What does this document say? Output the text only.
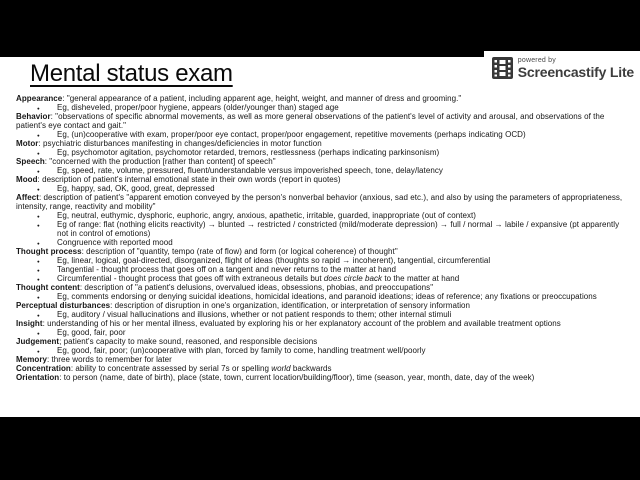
powered by
Screencastify Lite
Mental status exam
Appearance: "general appearance of a patient, including apparent age, height, weight, and manner of dress and grooming."
● Eg, disheveled, proper/poor hygiene, appears (older/younger than) staged age
Behavior: "observations of specific abnormal movements, as well as more general observations of the patient's level of activity and arousal, and observations of the patient's eye contact and gait."
● Eg, (un)cooperative with exam, proper/poor eye contact, proper/poor engagement, repetitive movements (perhaps indicating OCD)
Motor: psychiatric disturbances manifesting in changes/deficiencies in motor function
● Eg, psychomotor agitation, psychomotor retarded, tremors, restlessness (perhaps indicating parkinsonism)
Speech: "concerned with the production [rather than content] of speech"
● Eg, speed, rate, volume, pressured, fluent/understandable versus impoverished speech, tone, delay/latency
Mood: description of patient's internal emotional state in their own words (report in quotes)
● Eg, happy, sad, OK, good, great, depressed
Affect: description of patient's "apparent emotion conveyed by the person's nonverbal behavior (anxious, sad etc.), and also by using the parameters of appropriateness, intensity, range, reactivity and mobility"
● Eg, neutral, euthymic, dysphoric, euphoric, angry, anxious, apathetic, irritable, guarded, inappropriate (out of context)
● Eg of range: flat (nothing elicits reactivity) → blunted → restricted / constricted (mild/moderate depression) → full / normal → labile / expansive (pt apparently not in control of emotions)
● Congruence with reported mood
Thought process: description of "quantity, tempo (rate of flow) and form (or logical coherence) of thought"
● Eg, linear, logical, goal-directed, disorganized, flight of ideas (thoughts so rapid → incoherent), tangential, circumferential
● Tangential - thought process that goes off on a tangent and never returns to the matter at hand
● Circumferential - thought process that goes off with extraneous details but does circle back to the matter at hand
Thought content: description of "a patient's delusions, overvalued ideas, obsessions, phobias, and preoccupations"
● Eg, comments endorsing or denying suicidal ideations, homicidal ideations, and paranoid ideations; ideas of reference; any fixations or preoccupations
Perceptual disturbances: description of disruption in one's organization, identification, or interpretation of sensory information
● Eg, auditory / visual hallucinations and illusions, whether or not patient responds to them; other internal stimuli
Insight: understanding of his or her mental illness, evaluated by exploring his or her explanatory account of the problem and available treatment options
● Eg, good, fair, poor
Judgement; patient's capacity to make sound, reasoned, and responsible decisions
● Eg, good, fair, poor; (un)cooperative with plan, forced by family to come, handling treatment well/poorly
Memory: three words to remember for later
Concentration: ability to concentrate assessed by serial 7s or spelling world backwards
Orientation: to person (name, date of birth), place (state, town, current location/building/floor), time (season, year, month, date, day of the week)
